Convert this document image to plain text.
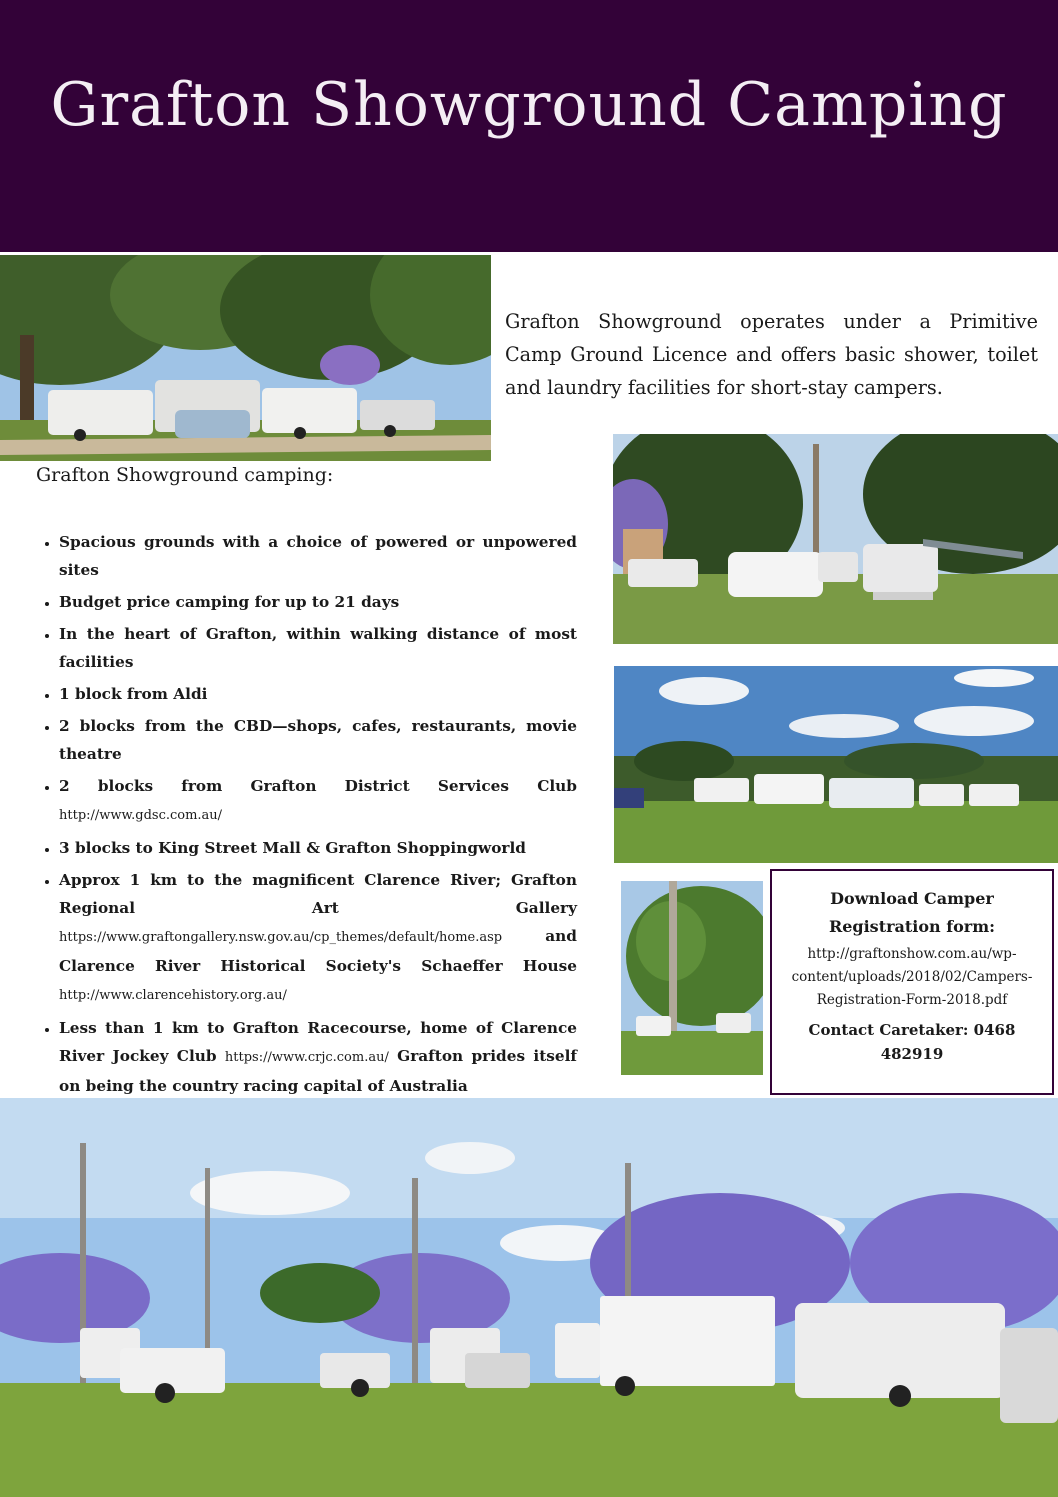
Grafton Showground Camping

Grafton Showground operates under a Primitive Camp Ground Licence and offers basic shower, toilet and laundry facilities for short-stay campers.

Grafton Showground camping:
• Spacious grounds with a choice of powered or unpowered sites
• Budget price camping for up to 21 days
• In the heart of Grafton, within walking distance of most facilities
• 1 block from Aldi
• 2 blocks from the CBD—shops, cafes, restaurants, movie theatre
• 2 blocks from Grafton District Services Club http://www.gdsc.com.au/
• 3 blocks to King Street Mall & Grafton Shoppingworld
• Approx 1 km to the magnificent Clarence River; Grafton Regional Art Gallery https://www.graftongallery.nsw.gov.au/cp_themes/default/home.asp and Clarence River Historical Society's Schaeffer House http://www.clarencehistory.org.au/
• Less than 1 km to Grafton Racecourse, home of Clarence River Jockey Club https://www.crjc.com.au/ Grafton prides itself on being the country racing capital of Australia
Download Camper Registration form:
http://graftonshow.com.au/wp-content/uploads/2018/02/Campers-Registration-Form-2018.pdf
Contact Caretaker: 0468 482919
